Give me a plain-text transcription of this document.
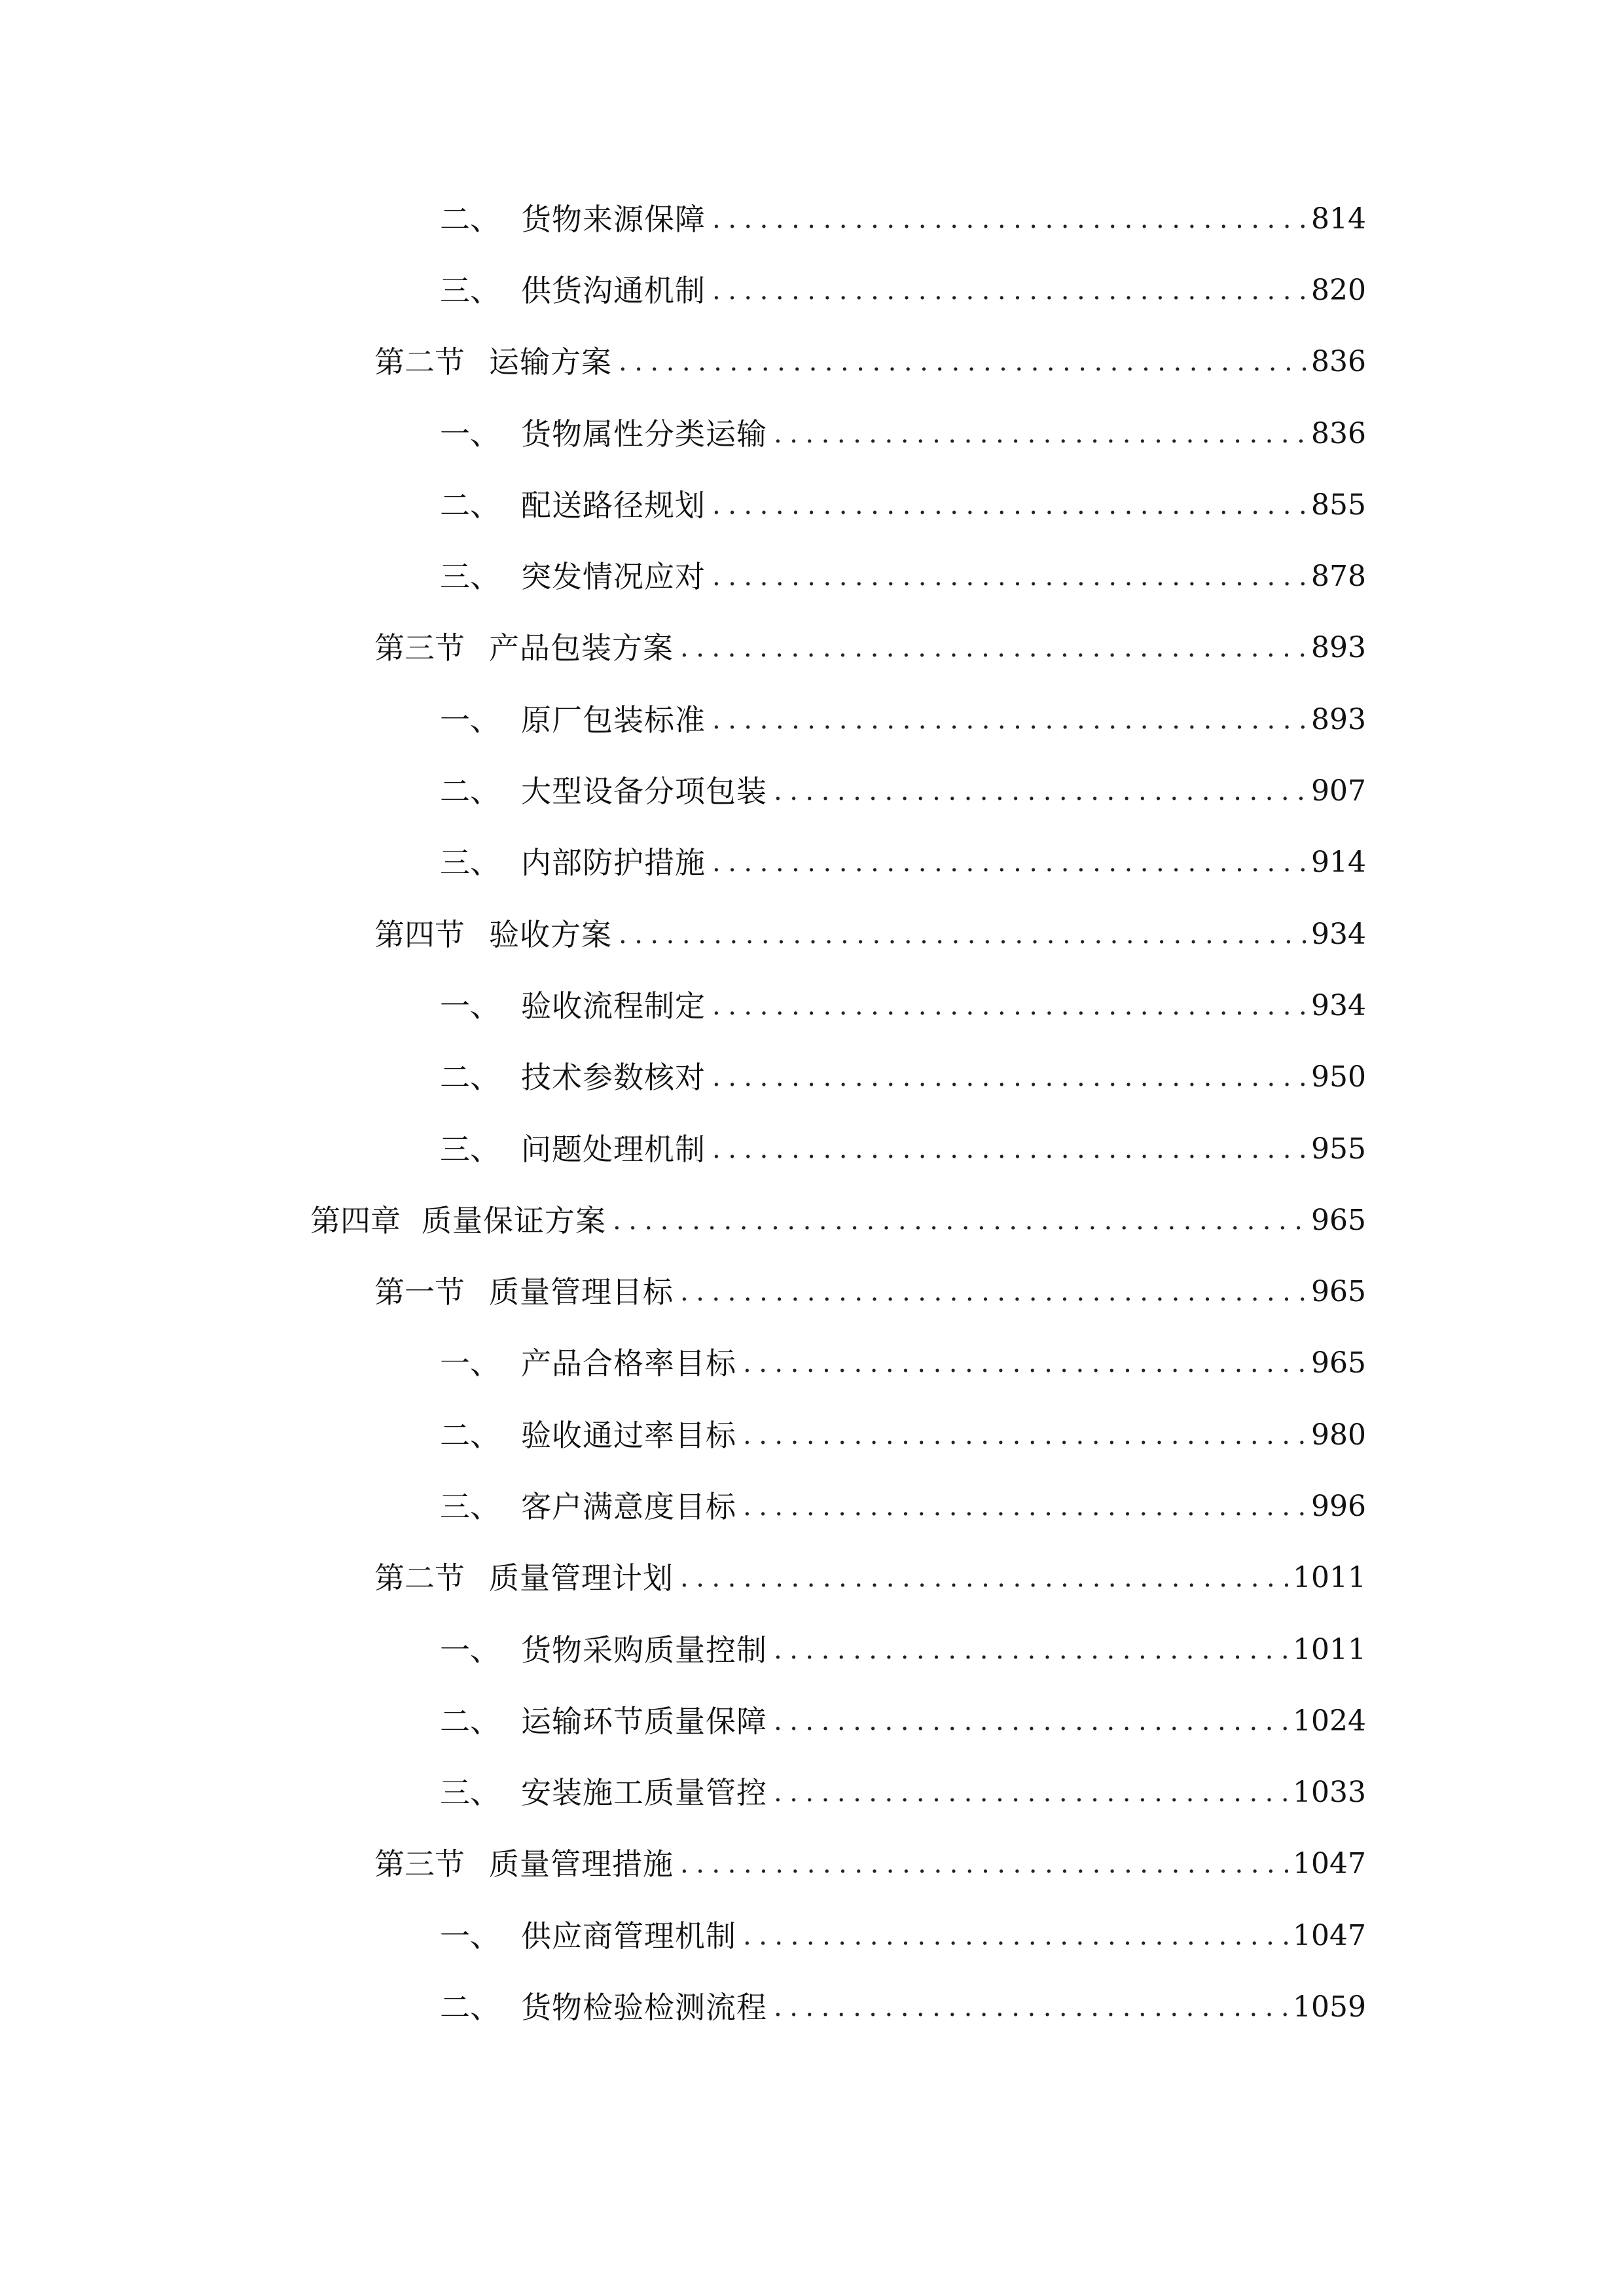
二、 货物来源保障 .....	814
三、 供货沟通机制 .....	820
第二节 运输方案 .....	836
一、 货物属性分类运输 .....	836
二、 配送路径规划 .....	855
三、 突发情况应对 .....	878
第三节 产品包装方案 .....	893
一、 原厂包装标准 .....	893
二、 大型设备分项包装 .....	907
三、 内部防护措施 .....	914
第四节 验收方案 .....	934
一、 验收流程制定 .....	934
二、 技术参数核对 .....	950
三、 问题处理机制 .....	955
第四章 质量保证方案 .....	965
第一节 质量管理目标 .....	965
一、 产品合格率目标 .....	965
二、 验收通过率目标 .....	980
三、 客户满意度目标 .....	996
第二节 质量管理计划 .....	1011
一、 货物采购质量控制 .....	1011
二、 运输环节质量保障 .....	1024
三、 安装施工质量管控 .....	1033
第三节 质量管理措施 .....	1047
一、 供应商管理机制 .....	1047
二、 货物检验检测流程 .....	1059
